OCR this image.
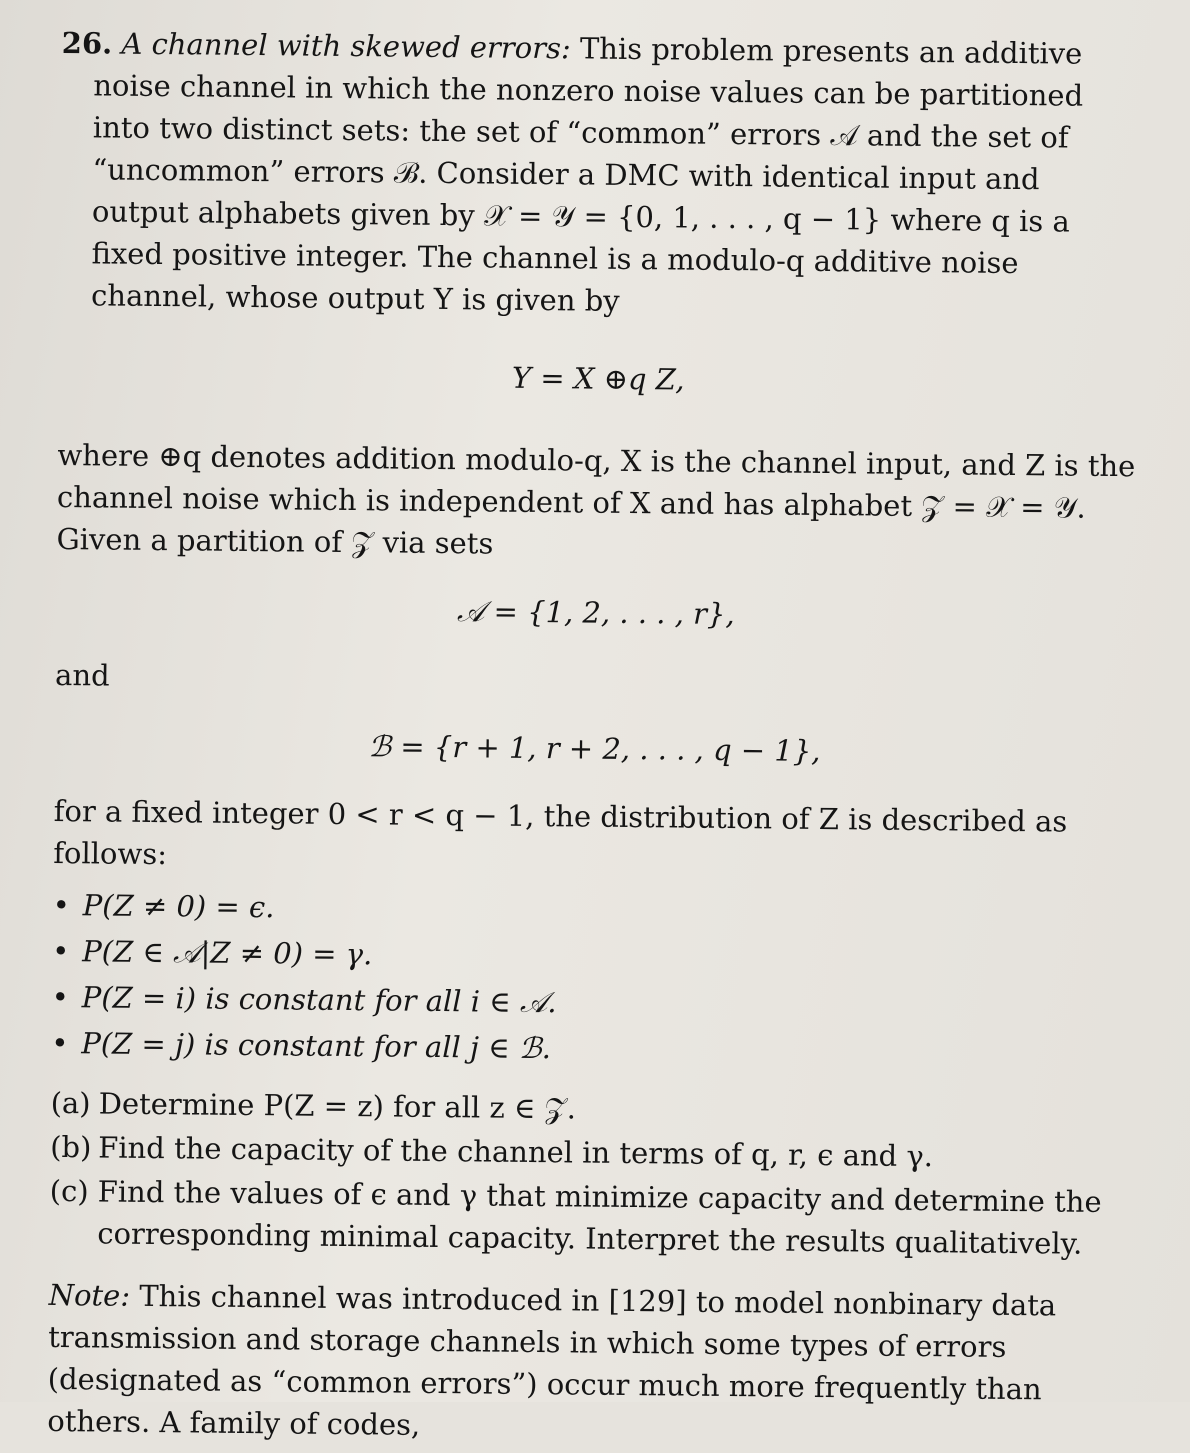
26. A channel with skewed errors: This problem presents an additive noise channel in which the nonzero noise values can be partitioned into two distinct sets: the set of “common” errors 𝒜 and the set of “uncommon” errors ℬ. Consider a DMC with identical input and output alphabets given by 𝒳 = 𝒴 = {0, 1, . . . , q − 1} where q is a fixed positive integer. The channel is a modulo-q additive noise channel, whose output Y is given by

Y = X ⊕q Z,

where ⊕q denotes addition modulo-q, X is the channel input, and Z is the channel noise which is independent of X and has alphabet 𝒵 = 𝒳 = 𝒴. Given a partition of 𝒵 via sets

𝒜 = {1, 2, . . . , r},

and

ℬ = {r + 1, r + 2, . . . , q − 1},

for a fixed integer 0 < r < q − 1, the distribution of Z is described as follows:

• P(Z ≠ 0) = ϵ.
• P(Z ∈ 𝒜|Z ≠ 0) = γ.
• P(Z = i) is constant for all i ∈ 𝒜.
• P(Z = j) is constant for all j ∈ ℬ.
(a) Determine P(Z = z) for all z ∈ 𝒵.
(b) Find the capacity of the channel in terms of q, r, ϵ and γ.
(c) Find the values of ϵ and γ that minimize capacity and determine the corresponding minimal capacity. Interpret the results qualitatively.

Note: This channel was introduced in [129] to model nonbinary data transmission and storage channels in which some types of errors (designated as “common errors”) occur much more frequently than others. A family of codes,
